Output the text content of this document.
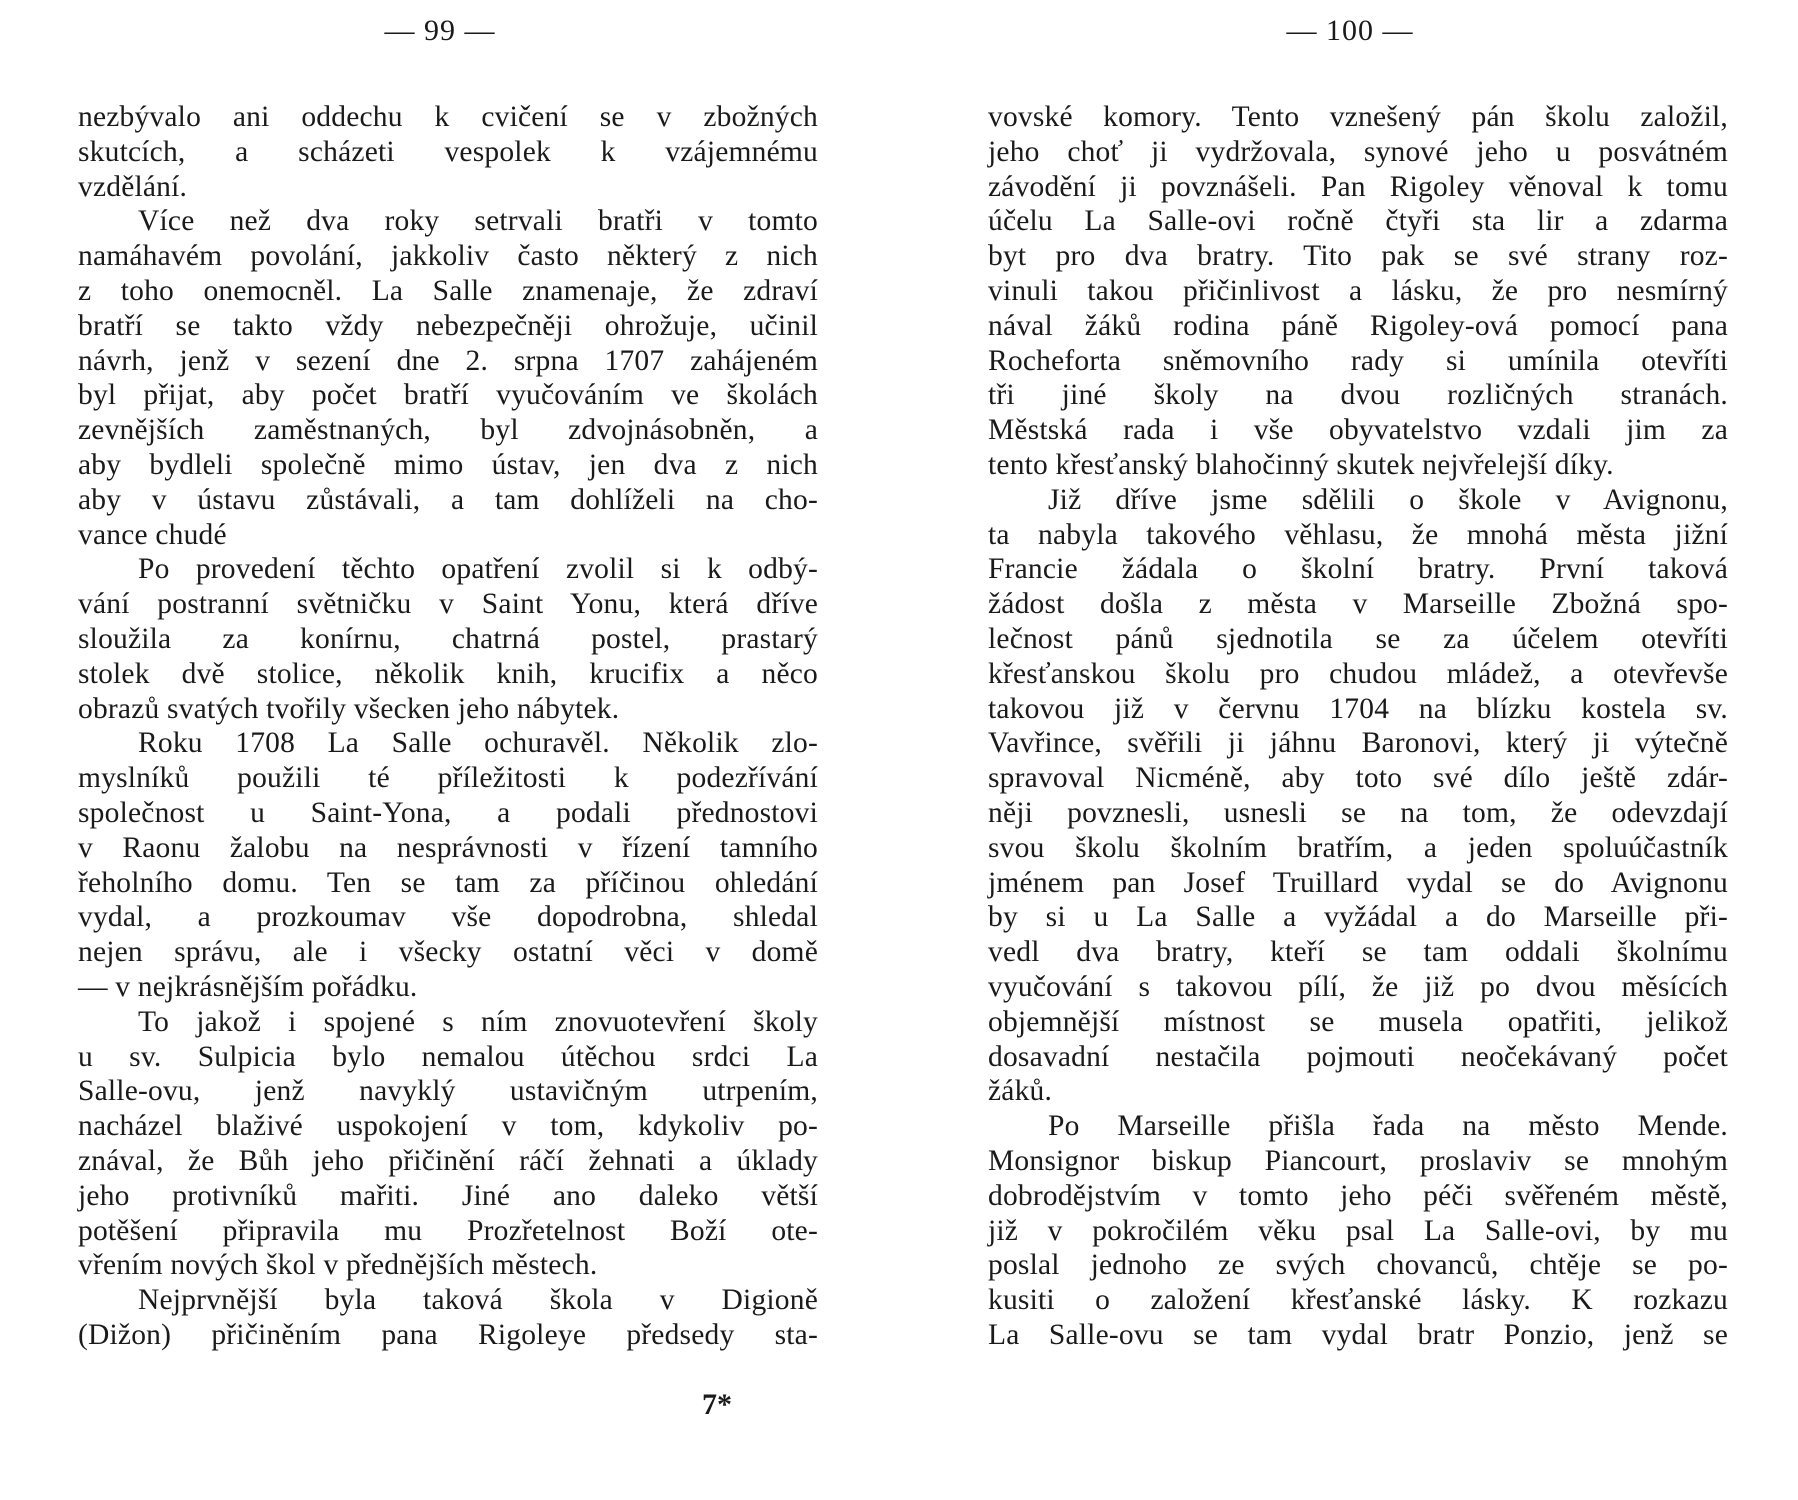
— 99 —
nezbývalo ani oddechu k cvičení se v zbožných
skutcích, a scházeti vespolek k vzájemnému
vzdělání.
Více než dva roky setrvali bratři v tomto
namáhavém povolání, jakkoliv často některý z nich
z toho onemocněl. La Salle znamenaje, že zdraví
bratří se takto vždy nebezpečněji ohrožuje, učinil
návrh, jenž v sezení dne 2. srpna 1707 zahájeném
byl přijat, aby počet bratří vyučováním ve školách
zevnějších zaměstnaných, byl zdvojnásobněn, a
aby bydleli společně mimo ústav, jen dva z nich
aby v ústavu zůstávali, a tam dohlíželi na cho-
vance chudé
Po provedení těchto opatření zvolil si k odbý-
vání postranní světničku v Saint Yonu, která dříve
sloužila za konírnu, chatrná postel, prastarý
stolek dvě stolice, několik knih, krucifix a něco
obrazů svatých tvořily všecken jeho nábytek.
Roku 1708 La Salle ochuravěl. Několik zlo-
myslníků použili té příležitosti k podezřívání
společnost u Saint-Yona, a podali přednostovi
v Raonu žalobu na nesprávnosti v řízení tamního
řeholního domu. Ten se tam za příčinou ohledání
vydal, a prozkoumav vše dopodrobna, shledal
nejen správu, ale i všecky ostatní věci v domě
— v nejkrásnějším pořádku.
To jakož i spojené s ním znovuotevření školy
u sv. Sulpicia bylo nemalou útěchou srdci La
Salle-ovu, jenž navyklý ustavičným utrpením,
nacházel blaživé uspokojení v tom, kdykoliv po-
znával, že Bůh jeho přičinění ráčí žehnati a úklady
jeho protivníků mařiti. Jiné ano daleko větší
potěšení připravila mu Prozřetelnost Boží ote-
vřením nových škol v přednějších městech.
Nejprvnější byla taková škola v Digioně
(Dižon) přičiněním pana Rigoleye předsedy sta-
7*
— 100 —
vovské komory. Tento vznešený pán školu založil,
jeho choť ji vydržovala, synové jeho u posvátném
závodění ji povznášeli. Pan Rigoley věnoval k tomu
účelu La Salle-ovi ročně čtyři sta lir a zdarma
byt pro dva bratry. Tito pak se své strany roz-
vinuli takou přičinlivost a lásku, že pro nesmírný
nával žáků rodina páně Rigoley-ová pomocí pana
Rocheforta sněmovního rady si umínila otevříti
tři jiné školy na dvou rozličných stranách.
Městská rada i vše obyvatelstvo vzdali jim za
tento křesťanský blahočinný skutek nejvřelejší díky.
Již dříve jsme sdělili o škole v Avignonu,
ta nabyla takového věhlasu, že mnohá města jižní
Francie žádala o školní bratry. První taková
žádost došla z města v Marseille Zbožná spo-
lečnost pánů sjednotila se za účelem otevříti
křesťanskou školu pro chudou mládež, a otevřevše
takovou již v červnu 1704 na blízku kostela sv.
Vavřince, svěřili ji jáhnu Baronovi, který ji výtečně
spravoval Nicméně, aby toto své dílo ještě zdár-
něji povznesli, usnesli se na tom, že odevzdají
svou školu školním bratřím, a jeden spoluúčastník
jménem pan Josef Truillard vydal se do Avignonu
by si u La Salle a vyžádal a do Marseille při-
vedl dva bratry, kteří se tam oddali školnímu
vyučování s takovou pílí, že již po dvou měsících
objemnější místnost se musela opatřiti, jelikož
dosavadní nestačila pojmouti neočekávaný počet
žáků.
Po Marseille přišla řada na město Mende.
Monsignor biskup Piancourt, proslaviv se mnohým
dobrodějstvím v tomto jeho péči svěřeném městě,
již v pokročilém věku psal La Salle-ovi, by mu
poslal jednoho ze svých chovanců, chtěje se po-
kusiti o založení křesťanské lásky. K rozkazu
La Salle-ovu se tam vydal bratr Ponzio, jenž se
